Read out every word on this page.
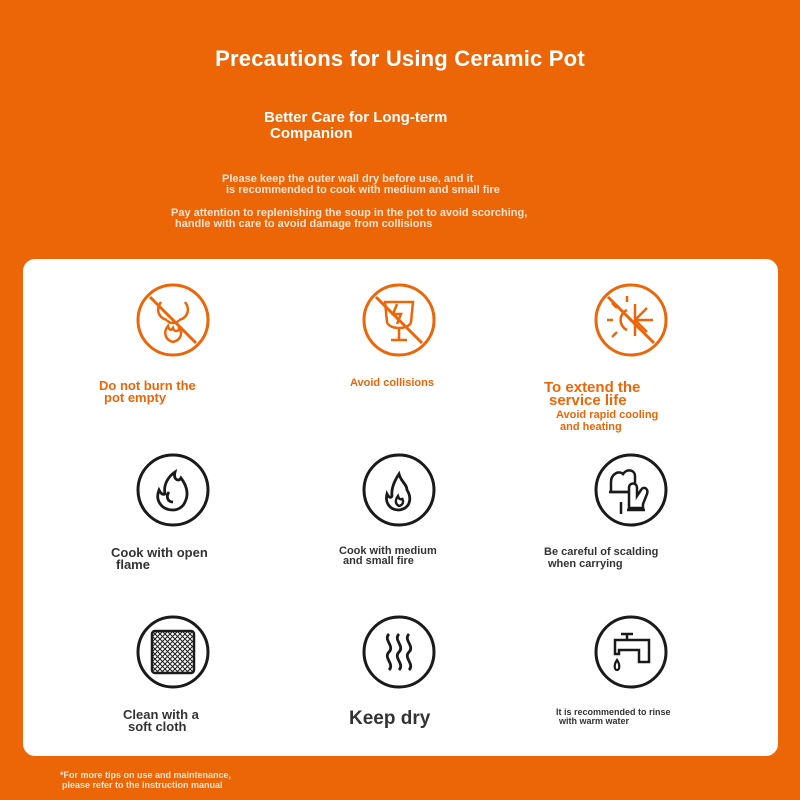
Precautions for Using Ceramic Pot
Better Care for Long-term
Companion
Please keep the outer wall dry before use, and it
is recommended to cook with medium and small fire
Pay attention to replenishing the soup in the pot to avoid scorching,
handle with care to avoid damage from collisions
Do not burn the
pot empty
Avoid collisions	To extend the
service life
Avoid rapid cooling
and heating
Cook with open
flame
Cook with medium
and small fire
Be careful of scalding
when carrying
Clean with a
soft cloth	Keep dry	It is recommended to rinse
with warm water
*For more tips on use and maintenance,
please refer to the instruction manual
